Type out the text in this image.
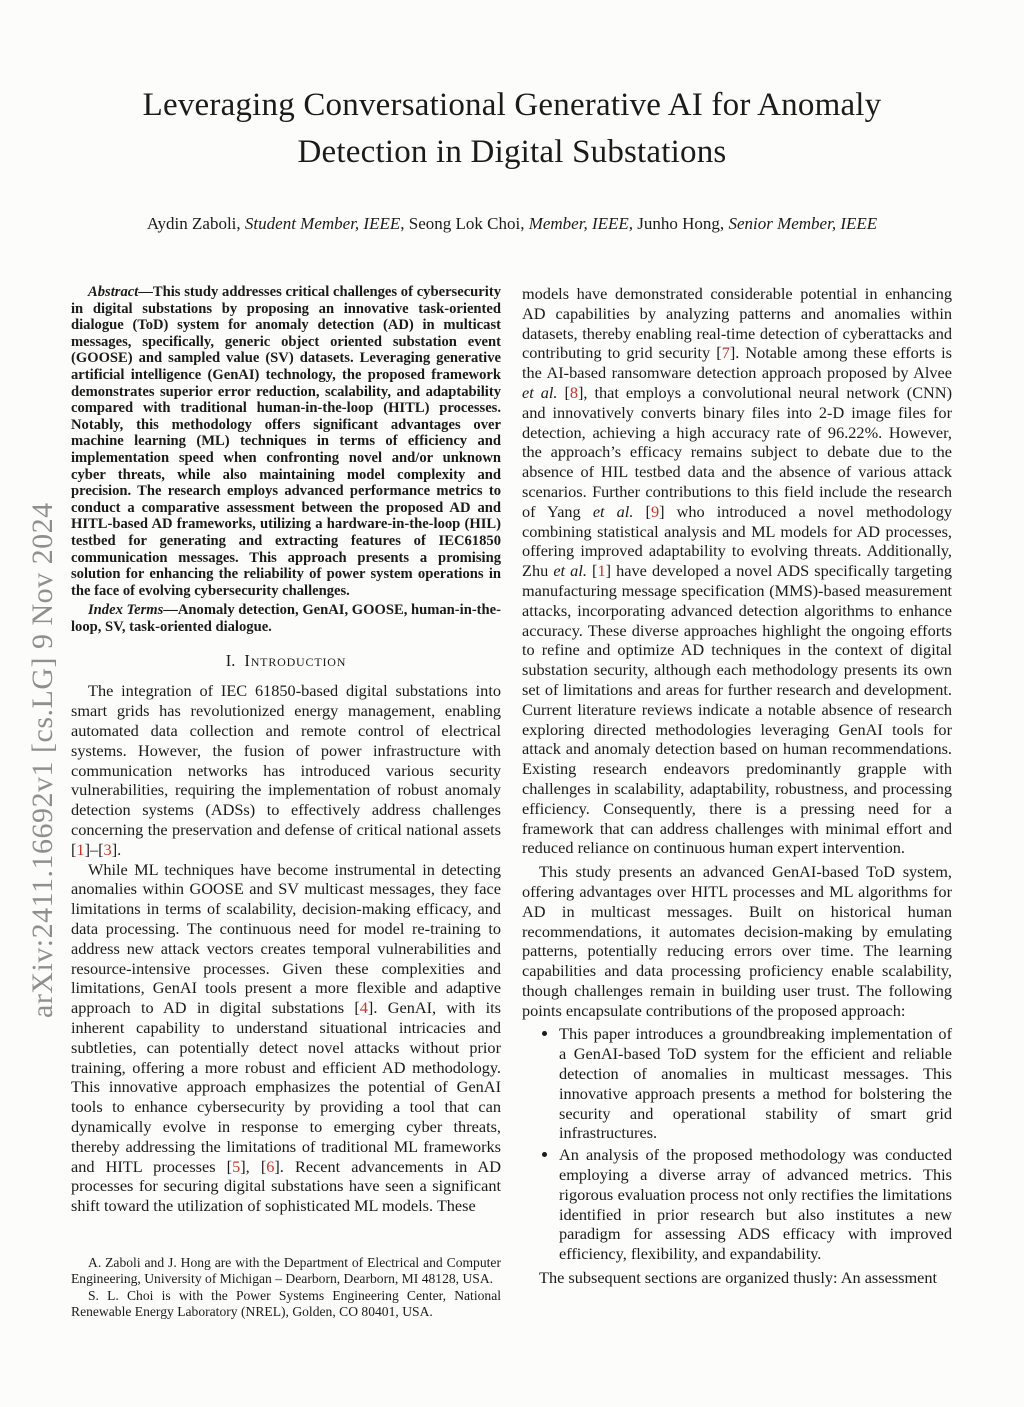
arXiv:2411.16692v1 [cs.LG] 9 Nov 2024
Leveraging Conversational Generative AI for Anomaly Detection in Digital Substations
Aydin Zaboli, Student Member, IEEE, Seong Lok Choi, Member, IEEE, Junho Hong, Senior Member, IEEE

Abstract—This study addresses critical challenges of cybersecurity in digital substations by proposing an innovative task-oriented dialogue (ToD) system for anomaly detection (AD) in multicast messages, specifically, generic object oriented substation event (GOOSE) and sampled value (SV) datasets. Leveraging generative artificial intelligence (GenAI) technology, the proposed framework demonstrates superior error reduction, scalability, and adaptability compared with traditional human-in-the-loop (HITL) processes. Notably, this methodology offers significant advantages over machine learning (ML) techniques in terms of efficiency and implementation speed when confronting novel and/or unknown cyber threats, while also maintaining model complexity and precision. The research employs advanced performance metrics to conduct a comparative assessment between the proposed AD and HITL-based AD frameworks, utilizing a hardware-in-the-loop (HIL) testbed for generating and extracting features of IEC61850 communication messages. This approach presents a promising solution for enhancing the reliability of power system operations in the face of evolving cybersecurity challenges.

Index Terms—Anomaly detection, GenAI, GOOSE, human-in-the-loop, SV, task-oriented dialogue.

I. Introduction

The integration of IEC 61850-based digital substations into smart grids has revolutionized energy management, enabling automated data collection and remote control of electrical systems. However, the fusion of power infrastructure with communication networks has introduced various security vulnerabilities, requiring the implementation of robust anomaly detection systems (ADSs) to effectively address challenges concerning the preservation and defense of critical national assets [1]–[3].

While ML techniques have become instrumental in detecting anomalies within GOOSE and SV multicast messages, they face limitations in terms of scalability, decision-making efficacy, and data processing. The continuous need for model re-training to address new attack vectors creates temporal vulnerabilities and resource-intensive processes. Given these complexities and limitations, GenAI tools present a more flexible and adaptive approach to AD in digital substations [4]. GenAI, with its inherent capability to understand situational intricacies and subtleties, can potentially detect novel attacks without prior training, offering a more robust and efficient AD methodology. This innovative approach emphasizes the potential of GenAI tools to enhance cybersecurity by providing a tool that can dynamically evolve in response to emerging cyber threats, thereby addressing the limitations of traditional ML frameworks and HITL processes [5], [6]. Recent advancements in AD processes for securing digital substations have seen a significant shift toward the utilization of sophisticated ML models. These

A. Zaboli and J. Hong are with the Department of Electrical and Computer Engineering, University of Michigan – Dearborn, Dearborn, MI 48128, USA.

S. L. Choi is with the Power Systems Engineering Center, National Renewable Energy Laboratory (NREL), Golden, CO 80401, USA.

models have demonstrated considerable potential in enhancing AD capabilities by analyzing patterns and anomalies within datasets, thereby enabling real-time detection of cyberattacks and contributing to grid security [7]. Notable among these efforts is the AI-based ransomware detection approach proposed by Alvee et al. [8], that employs a convolutional neural network (CNN) and innovatively converts binary files into 2-D image files for detection, achieving a high accuracy rate of 96.22%. However, the approach’s efficacy remains subject to debate due to the absence of HIL testbed data and the absence of various attack scenarios. Further contributions to this field include the research of Yang et al. [9] who introduced a novel methodology combining statistical analysis and ML models for AD processes, offering improved adaptability to evolving threats. Additionally, Zhu et al. [1] have developed a novel ADS specifically targeting manufacturing message specification (MMS)-based measurement attacks, incorporating advanced detection algorithms to enhance accuracy. These diverse approaches highlight the ongoing efforts to refine and optimize AD techniques in the context of digital substation security, although each methodology presents its own set of limitations and areas for further research and development. Current literature reviews indicate a notable absence of research exploring directed methodologies leveraging GenAI tools for attack and anomaly detection based on human recommendations. Existing research endeavors predominantly grapple with challenges in scalability, adaptability, robustness, and processing efficiency. Consequently, there is a pressing need for a framework that can address challenges with minimal effort and reduced reliance on continuous human expert intervention.

This study presents an advanced GenAI-based ToD system, offering advantages over HITL processes and ML algorithms for AD in multicast messages. Built on historical human recommendations, it automates decision-making by emulating patterns, potentially reducing errors over time. The learning capabilities and data processing proficiency enable scalability, though challenges remain in building user trust. The following points encapsulate contributions of the proposed approach:

• This paper introduces a groundbreaking implementation of a GenAI-based ToD system for the efficient and reliable detection of anomalies in multicast messages. This innovative approach presents a method for bolstering the security and operational stability of smart grid infrastructures.
• An analysis of the proposed methodology was conducted employing a diverse array of advanced metrics. This rigorous evaluation process not only rectifies the limitations identified in prior research but also institutes a new paradigm for assessing ADS efficacy with improved efficiency, flexibility, and expandability.

The subsequent sections are organized thusly: An assessment
